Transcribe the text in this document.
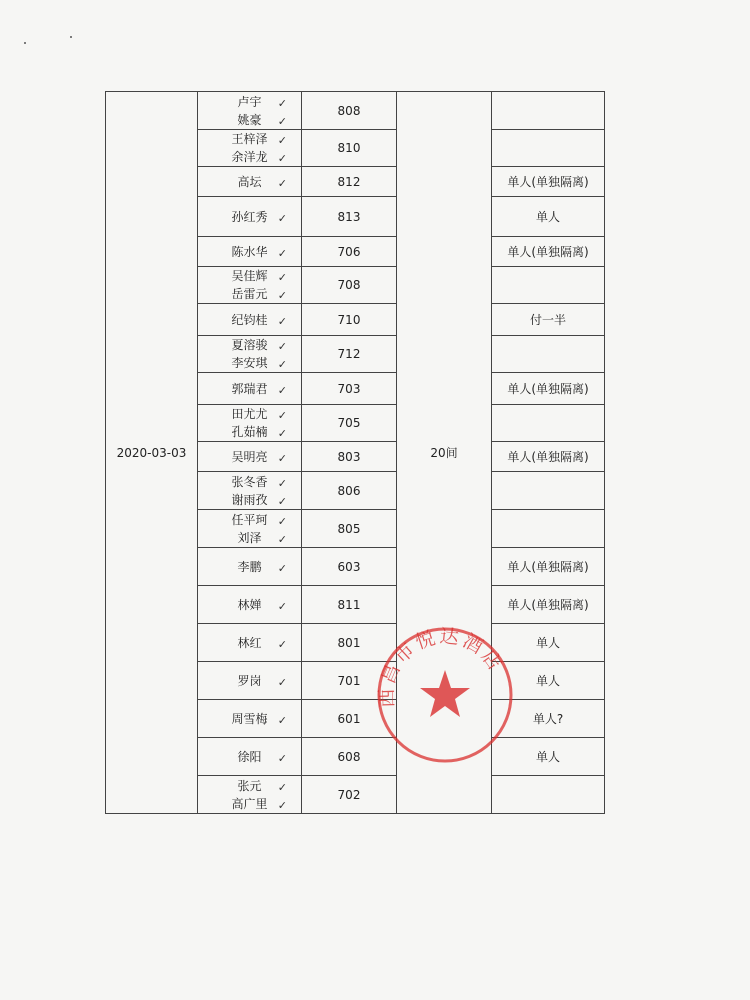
2020-03-03	卢宇 ✓
姚豪 ✓	808	20间	

	王梓泽 ✓
余洋龙 ✓	810		

	高坛 ✓	812		单人(单独隔离)

	孙红秀 ✓	813		单人

	陈水华 ✓	706		单人(单独隔离)

	吴佳辉 ✓
岳雷元 ✓	708		

	纪钧桂 ✓	710		付一半

	夏溶骏 ✓
李安琪 ✓	712		

	郭瑞君 ✓	703		单人(单独隔离)

	田尤尤 ✓
孔茹楠 ✓	705		

	吴明亮 ✓	803		单人(单独隔离)

	张冬香 ✓
谢雨孜 ✓	806		

	任平珂 ✓
刘泽 ✓	805		

	李鹏 ✓	603		单人(单独隔离)

	林婵 ✓	811		单人(单独隔离)

	林红 ✓	801		单人

	罗岗 ✓	701		单人

	周雪梅 ✓	601		单人?

	徐阳 ✓	608		单人

	张元 ✓
高广里 ✓	702		
西昌市悦达酒店
